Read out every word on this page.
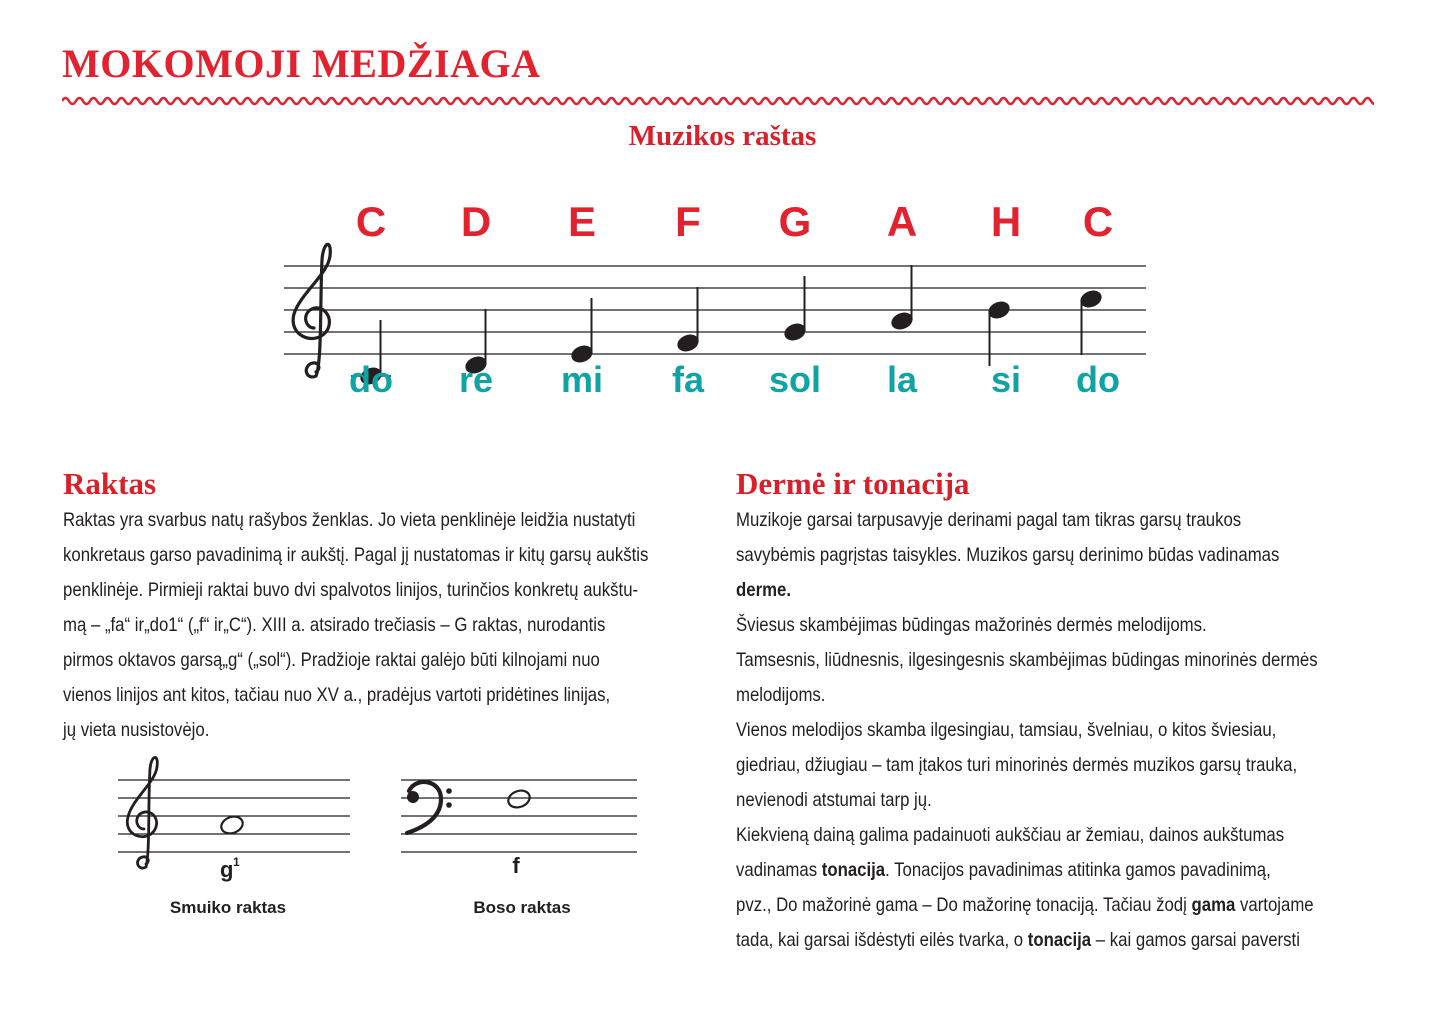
MOKOMOJI MEDŽIAGA
Muzikos raštas
C D E F G A H C
do re mi fa sol la si do
Raktas
Raktas yra svarbus natų rašybos ženklas. Jo vieta penklinėje leidžia nustatyti
konkretaus garso pavadinimą ir aukštį. Pagal jį nustatomas ir kitų garsų aukštis
penklinėje. Pirmieji raktai buvo dvi spalvotos linijos, turinčios konkretų aukštu-
mą – „fa“ ir„do1“ („f“ ir„C“). XIII a. atsirado trečiasis – G raktas, nurodantis
pirmos oktavos garsą„g“ („sol“). Pradžioje raktai galėjo būti kilnojami nuo
vienos linijos ant kitos, tačiau nuo XV a., pradėjus vartoti pridėtines linijas,
jų vieta nusistovėjo.
g 1
Smuiko raktas
f
Boso raktas
Dermė ir tonacija
Muzikoje garsai tarpusavyje derinami pagal tam tikras garsų traukos
savybėmis pagrįstas taisykles. Muzikos garsų derinimo būdas vadinamas
derme.
Šviesus skambėjimas būdingas mažorinės dermės melodijoms.
Tamsesnis, liūdnesnis, ilgesingesnis skambėjimas būdingas minorinės dermės
melodijoms.
Vienos melodijos skamba ilgesingiau, tamsiau, švelniau, o kitos šviesiau,
giedriau, džiugiau – tam įtakos turi minorinės dermės muzikos garsų trauka,
nevienodi atstumai tarp jų.
Kiekvieną dainą galima padainuoti aukščiau ar žemiau, dainos aukštumas
vadinamas tonacija. Tonacijos pavadinimas atitinka gamos pavadinimą,
pvz., Do mažorinė gama – Do mažorinę tonaciją. Tačiau žodį gama vartojame
tada, kai garsai išdėstyti eilės tvarka, o tonacija – kai gamos garsai paversti
